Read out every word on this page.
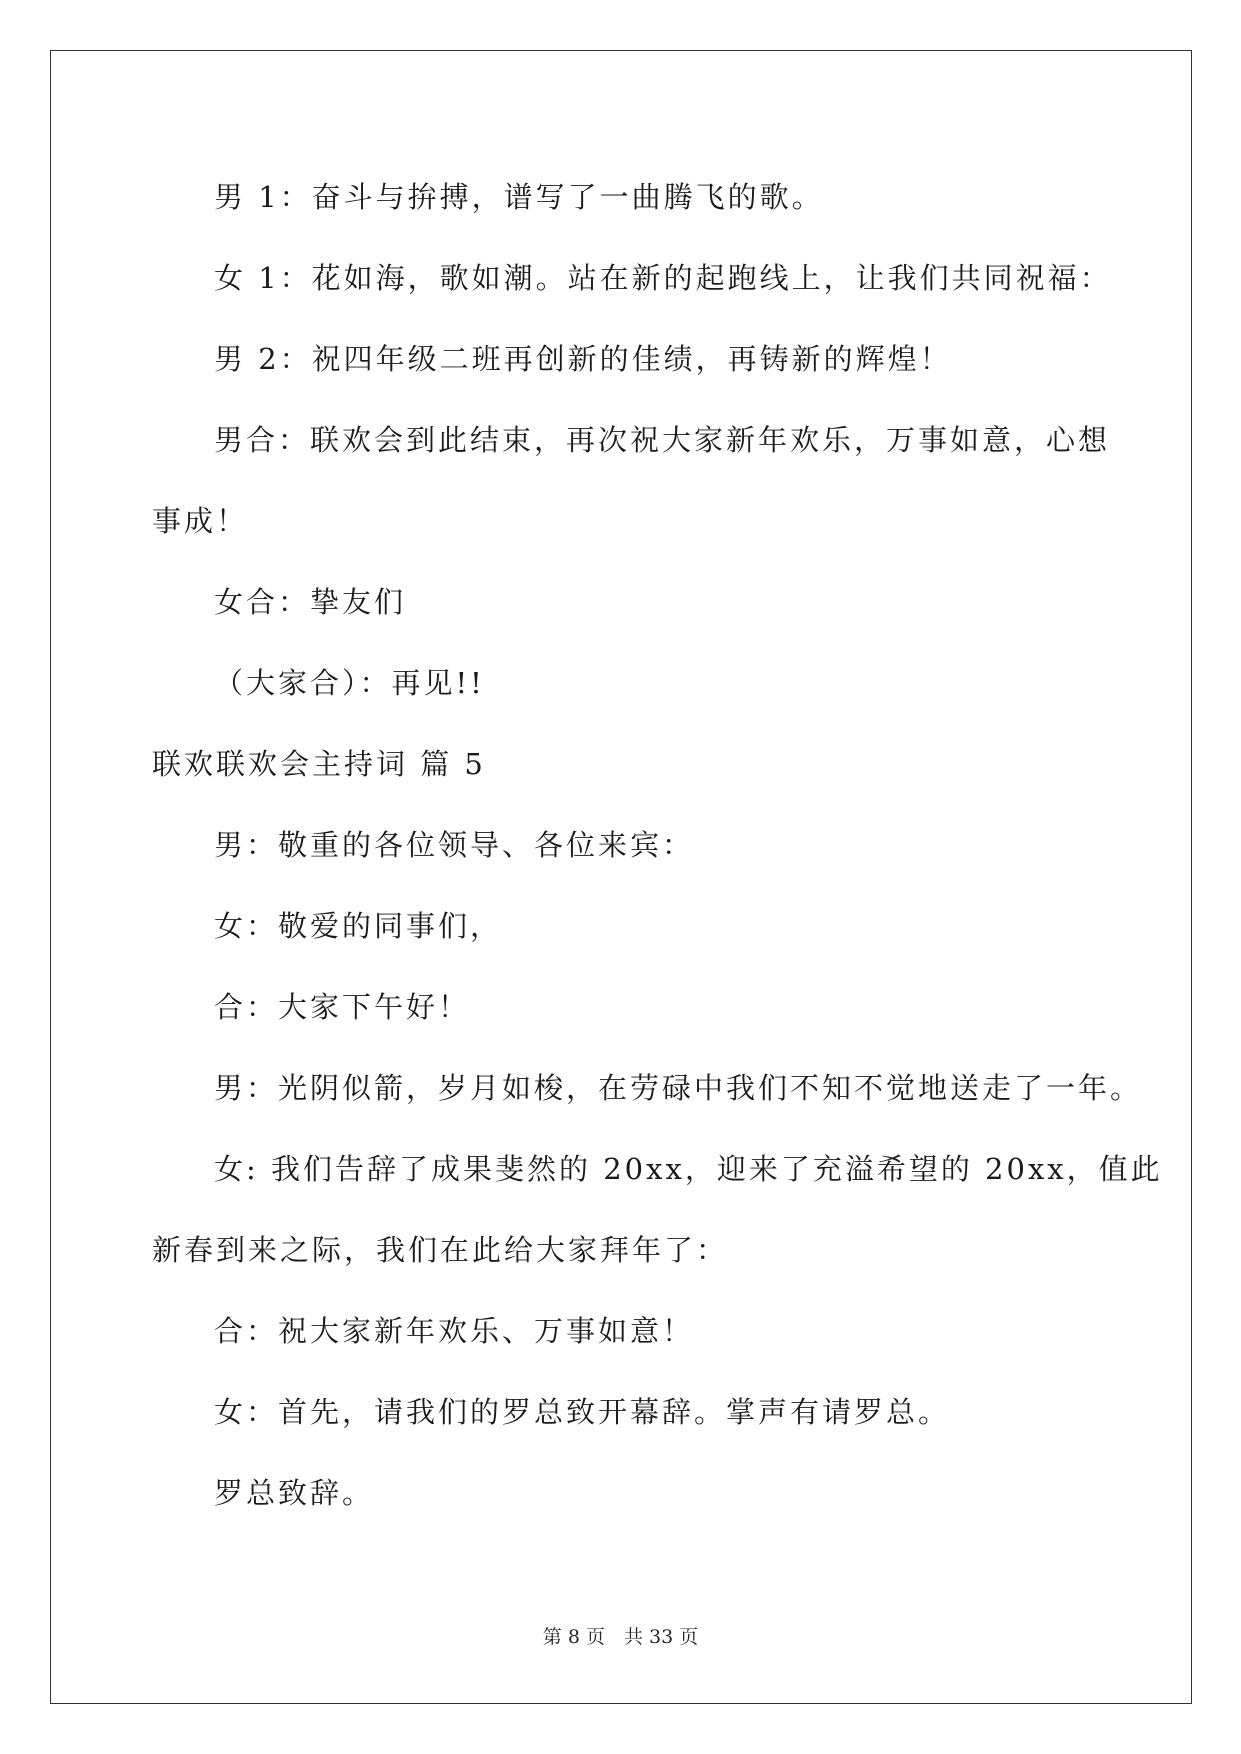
男 1：奋斗与拚搏，谱写了一曲腾飞的歌。
女 1：花如海，歌如潮。站在新的起跑线上，让我们共同祝福：
男 2：祝四年级二班再创新的佳绩，再铸新的辉煌！
男合：联欢会到此结束，再次祝大家新年欢乐，万事如意，心想
事成！
女合：挚友们
（大家合）：再见!!
联欢联欢会主持词 篇 5
男：敬重的各位领导、各位来宾：
女：敬爱的同事们，
合：大家下午好！
男：光阴似箭，岁月如梭，在劳碌中我们不知不觉地送走了一年。
女: 我们告辞了成果斐然的 20xx，迎来了充溢希望的 20xx，值此
新春到来之际，我们在此给大家拜年了：
合：祝大家新年欢乐、万事如意！
女：首先，请我们的罗总致开幕辞。掌声有请罗总。
罗总致辞。
第 8 页　共 33 页
